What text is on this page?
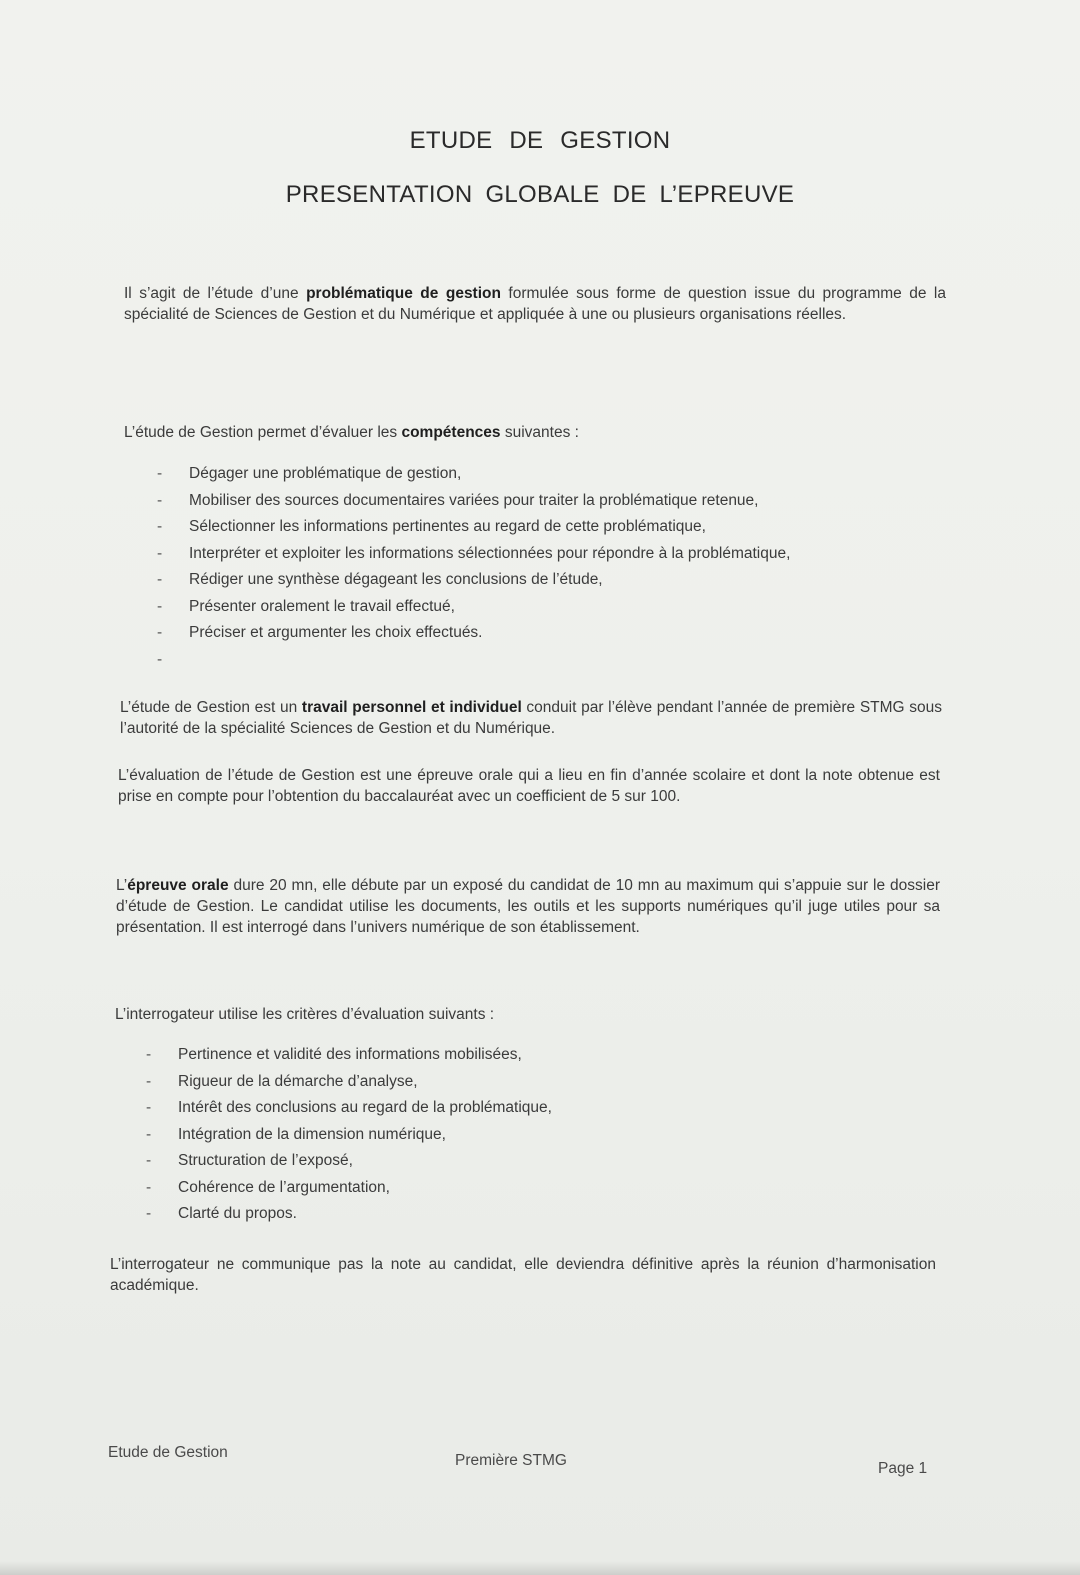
ETUDE DE GESTION
PRESENTATION GLOBALE DE L’EPREUVE

Il s’agit de l’étude d’une problématique de gestion formulée sous forme de question issue du programme de la spécialité de Sciences de Gestion et du Numérique et appliquée à une ou plusieurs organisations réelles.

L’étude de Gestion permet d’évaluer les compétences suivantes :

- Dégager une problématique de gestion,
- Mobiliser des sources documentaires variées pour traiter la problématique retenue,
- Sélectionner les informations pertinentes au regard de cette problématique,
- Interpréter et exploiter les informations sélectionnées pour répondre à la problématique,
- Rédiger une synthèse dégageant les conclusions de l’étude,
- Présenter oralement le travail effectué,
- Préciser et argumenter les choix effectués.
-

L’étude de Gestion est un travail personnel et individuel conduit par l’élève pendant l’année de première STMG sous l’autorité de la spécialité Sciences de Gestion et du Numérique.

L’évaluation de l’étude de Gestion est une épreuve orale qui a lieu en fin d’année scolaire et dont la note obtenue est prise en compte pour l’obtention du baccalauréat avec un coefficient de 5 sur 100.

L’épreuve orale dure 20 mn, elle débute par un exposé du candidat de 10 mn au maximum qui s’appuie sur le dossier d’étude de Gestion. Le candidat utilise les documents, les outils et les supports numériques qu’il juge utiles pour sa présentation. Il est interrogé dans l’univers numérique de son établissement.

L’interrogateur utilise les critères d’évaluation suivants :

- Pertinence et validité des informations mobilisées,
- Rigueur de la démarche d’analyse,
- Intérêt des conclusions au regard de la problématique,
- Intégration de la dimension numérique,
- Structuration de l’exposé,
- Cohérence de l’argumentation,
- Clarté du propos.

L’interrogateur ne communique pas la note au candidat, elle deviendra définitive après la réunion d’harmonisation académique.

Etude de Gestion	Première STMG	Page 1
